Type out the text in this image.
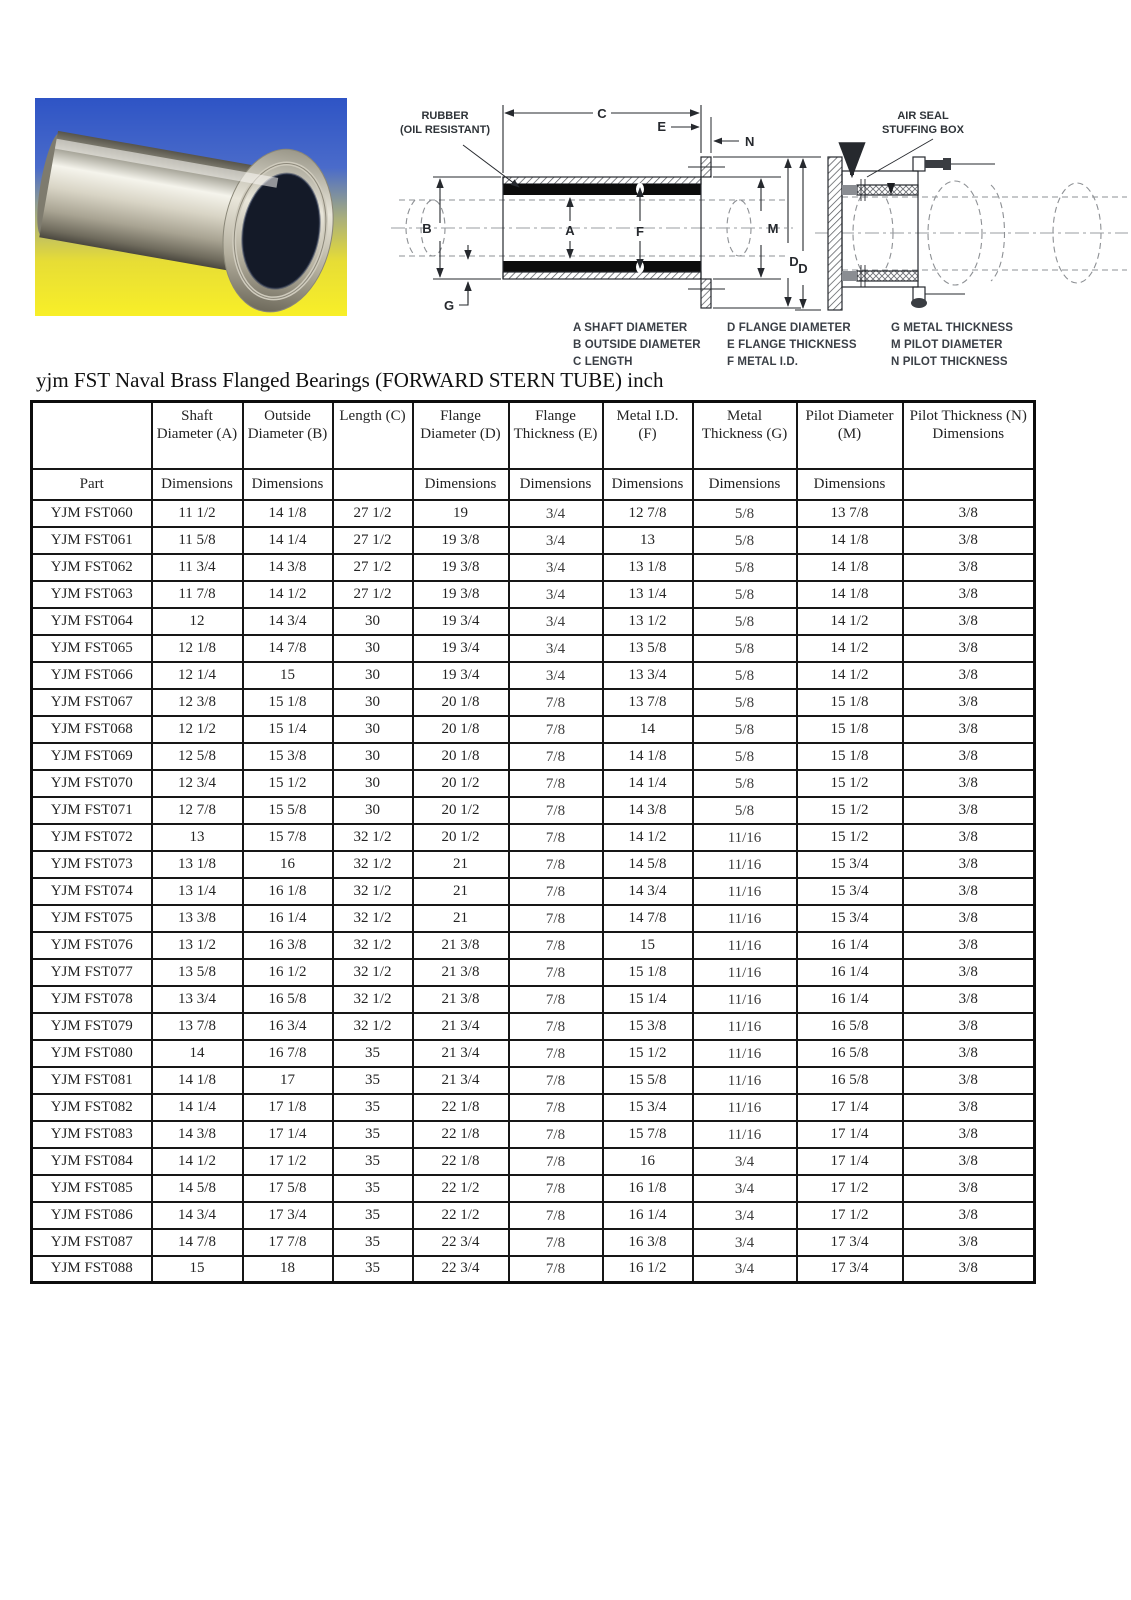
RUBBER
(OIL RESISTANT)
C
E
N
B	A	F	M
D
G
AIR SEAL
STUFFING BOX
D
A SHAFT DIAMETER
B OUTSIDE DIAMETER
C LENGTH
D FLANGE DIAMETER
E FLANGE THICKNESS
F METAL I.D.
G METAL THICKNESS
M PILOT DIAMETER
N PILOT THICKNESS
yjm FST Naval Brass Flanged Bearings (FORWARD STERN TUBE) inch
	Shaft Diameter (A)	Outside Diameter (B)	Length (C)	Flange Diameter (D)	Flange Thickness (E)	Metal I.D. (F)	Metal Thickness (G)	Pilot Diameter (M)	Pilot Thickness (N) Dimensions
Part	Dimensions	Dimensions		Dimensions	Dimensions	Dimensions	Dimensions	Dimensions	
YJM FST060	11 1/2	14 1/8	27 1/2	19	3/4	12 7/8	5/8	13 7/8	3/8
YJM FST061	11 5/8	14 1/4	27 1/2	19 3/8	3/4	13	5/8	14 1/8	3/8
YJM FST062	11 3/4	14 3/8	27 1/2	19 3/8	3/4	13 1/8	5/8	14 1/8	3/8
YJM FST063	11 7/8	14 1/2	27 1/2	19 3/8	3/4	13 1/4	5/8	14 1/8	3/8
YJM FST064	12	14 3/4	30	19 3/4	3/4	13 1/2	5/8	14 1/2	3/8
YJM FST065	12 1/8	14 7/8	30	19 3/4	3/4	13 5/8	5/8	14 1/2	3/8
YJM FST066	12 1/4	15	30	19 3/4	3/4	13 3/4	5/8	14 1/2	3/8
YJM FST067	12 3/8	15 1/8	30	20 1/8	7/8	13 7/8	5/8	15 1/8	3/8
YJM FST068	12 1/2	15 1/4	30	20 1/8	7/8	14	5/8	15 1/8	3/8
YJM FST069	12 5/8	15 3/8	30	20 1/8	7/8	14 1/8	5/8	15 1/8	3/8
YJM FST070	12 3/4	15 1/2	30	20 1/2	7/8	14 1/4	5/8	15 1/2	3/8
YJM FST071	12 7/8	15 5/8	30	20 1/2	7/8	14 3/8	5/8	15 1/2	3/8
YJM FST072	13	15 7/8	32 1/2	20 1/2	7/8	14 1/2	11/16	15 1/2	3/8
YJM FST073	13 1/8	16	32 1/2	21	7/8	14 5/8	11/16	15 3/4	3/8
YJM FST074	13 1/4	16 1/8	32 1/2	21	7/8	14 3/4	11/16	15 3/4	3/8
YJM FST075	13 3/8	16 1/4	32 1/2	21	7/8	14 7/8	11/16	15 3/4	3/8
YJM FST076	13 1/2	16 3/8	32 1/2	21 3/8	7/8	15	11/16	16 1/4	3/8
YJM FST077	13 5/8	16 1/2	32 1/2	21 3/8	7/8	15 1/8	11/16	16 1/4	3/8
YJM FST078	13 3/4	16 5/8	32 1/2	21 3/8	7/8	15 1/4	11/16	16 1/4	3/8
YJM FST079	13 7/8	16 3/4	32 1/2	21 3/4	7/8	15 3/8	11/16	16 5/8	3/8
YJM FST080	14	16 7/8	35	21 3/4	7/8	15 1/2	11/16	16 5/8	3/8
YJM FST081	14 1/8	17	35	21 3/4	7/8	15 5/8	11/16	16 5/8	3/8
YJM FST082	14 1/4	17 1/8	35	22 1/8	7/8	15 3/4	11/16	17 1/4	3/8
YJM FST083	14 3/8	17 1/4	35	22 1/8	7/8	15 7/8	11/16	17 1/4	3/8
YJM FST084	14 1/2	17 1/2	35	22 1/8	7/8	16	3/4	17 1/4	3/8
YJM FST085	14 5/8	17 5/8	35	22 1/2	7/8	16 1/8	3/4	17 1/2	3/8
YJM FST086	14 3/4	17 3/4	35	22 1/2	7/8	16 1/4	3/4	17 1/2	3/8
YJM FST087	14 7/8	17 7/8	35	22 3/4	7/8	16 3/8	3/4	17 3/4	3/8
YJM FST088	15	18	35	22 3/4	7/8	16 1/2	3/4	17 3/4	3/8
